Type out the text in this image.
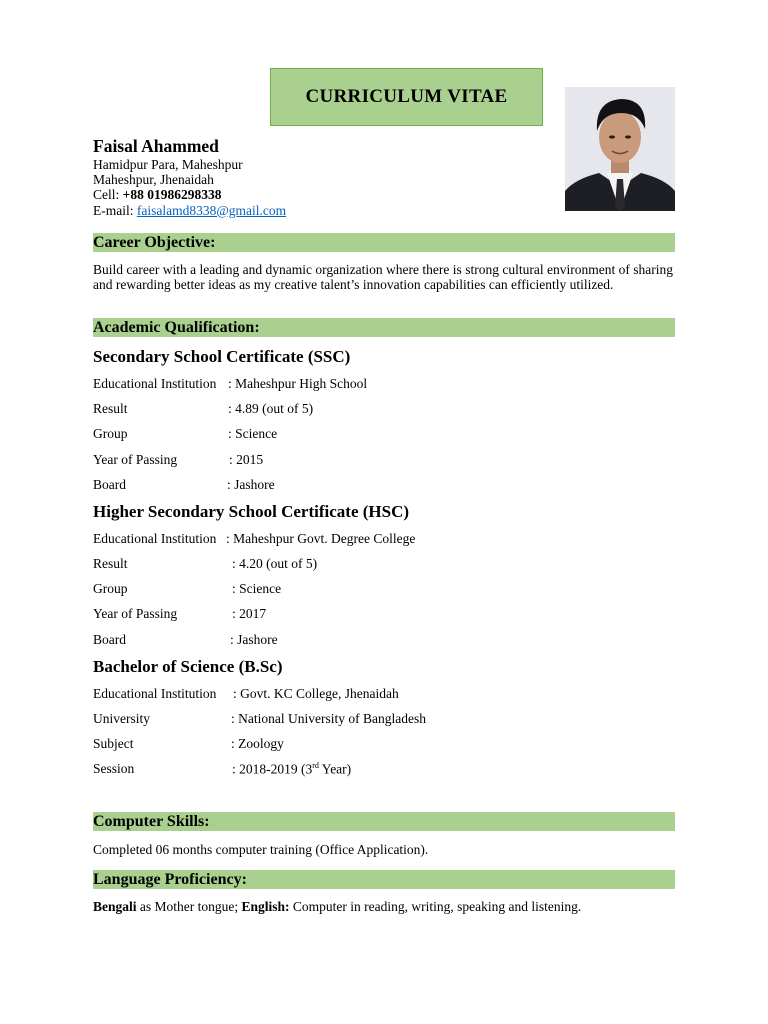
CURRICULUM VITAE
Faisal Ahammed
Hamidpur Para, Maheshpur
Maheshpur, Jhenaidah
Cell: +88 01986298338
E-mail: faisalamd8338@gmail.com
Career Objective:
Build career with a leading and dynamic organization where there is strong cultural environment of sharing and rewarding better ideas as my creative talent’s innovation capabilities can efficiently utilized.
Academic Qualification:
Secondary School Certificate (SSC)
Educational Institution : Maheshpur High School
Result	: 4.89 (out of 5)
Group	: Science
Year of Passing	: 2015
Board	: Jashore
Higher Secondary School Certificate (HSC)
Educational Institution : Maheshpur Govt. Degree College
Result	: 4.20 (out of 5)
Group	: Science
Year of Passing	: 2017
Board	: Jashore
Bachelor of Science (B.Sc)
Educational Institution : Govt. KC College, Jhenaidah
University	: National University of Bangladesh
Subject	: Zoology
Session	: 2018-2019 (3rd Year)
Computer Skills:
Completed 06 months computer training (Office Application).
Language Proficiency:
Bengali as Mother tongue; English: Computer in reading, writing, speaking and listening.
